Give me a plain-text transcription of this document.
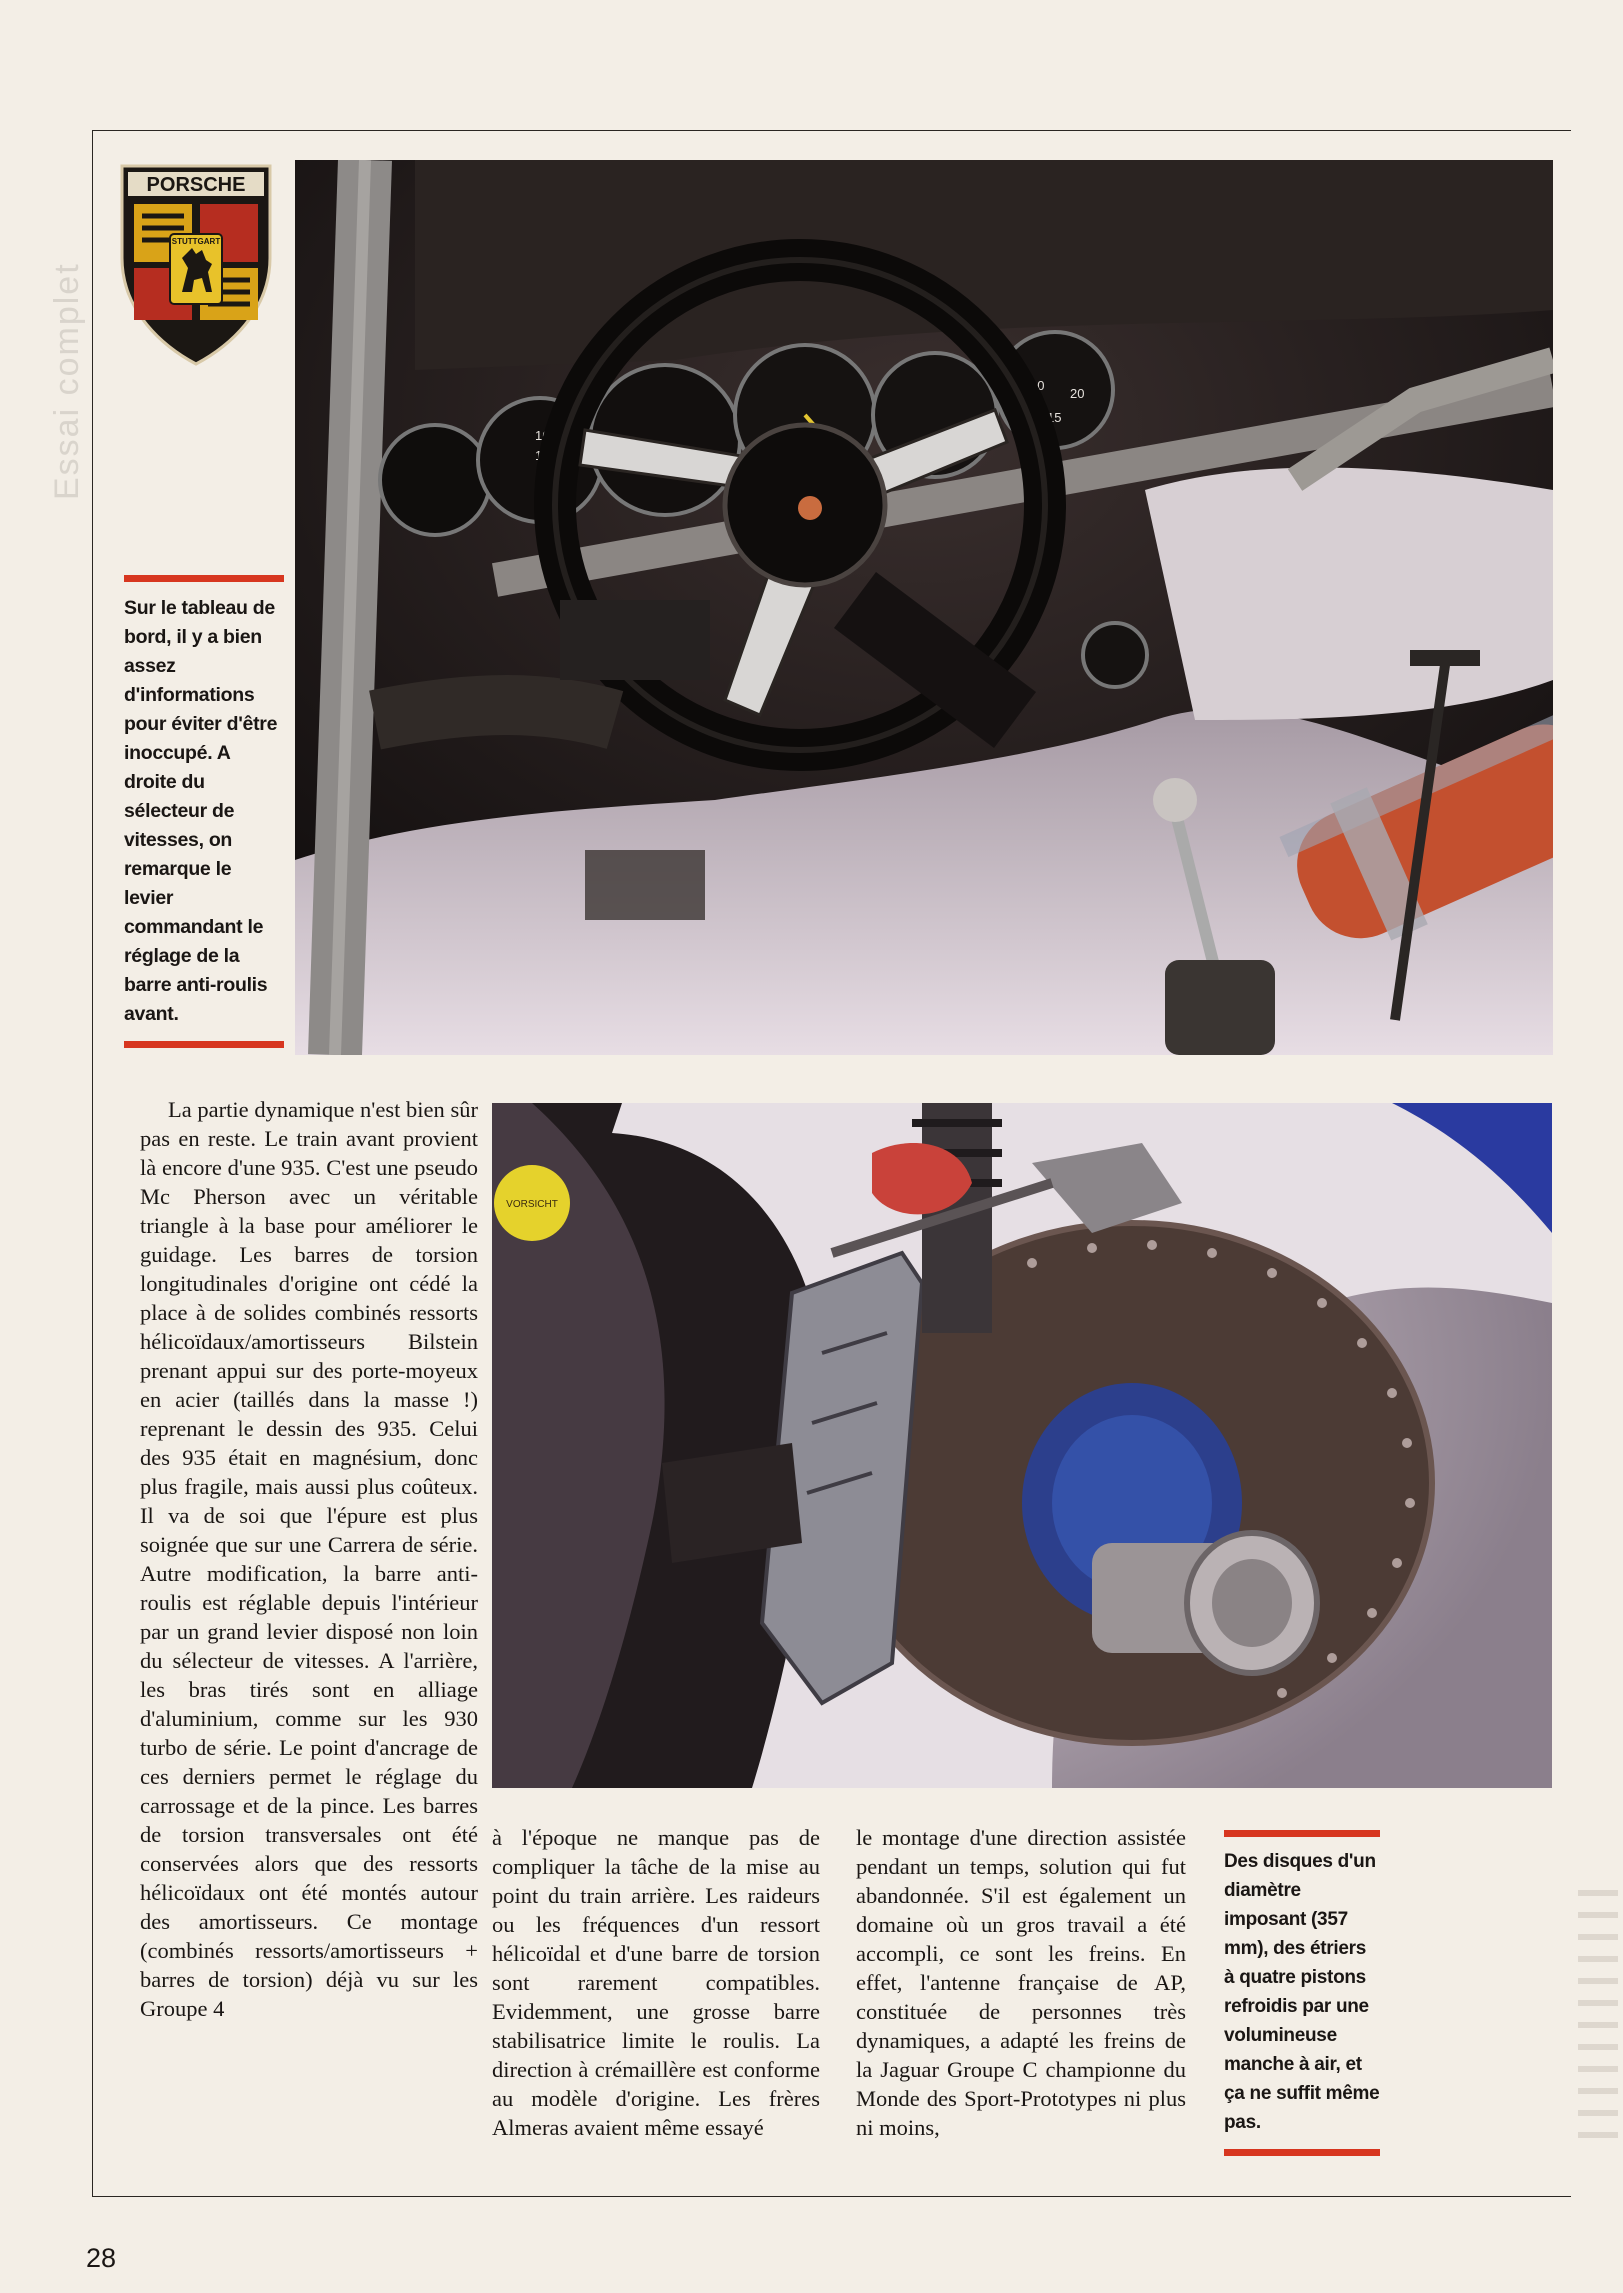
Essai complet
PORSCHE
STUTTGART
160
120
100
80
10
20
15

Sur le tableau de bord, il y a bien assez d'informations pour éviter d'être inoccupé. A droite du sélecteur de vitesses, on remarque le levier commandant le réglage de la barre anti-roulis avant.

VORSICHT

La partie dynamique n'est bien sûr pas en reste. Le train avant provient là encore d'une 935. C'est une pseudo Mc Pherson avec un véritable triangle à la base pour améliorer le guidage. Les barres de torsion longitudinales d'origine ont cédé la place à de solides combinés ressorts hélicoïdaux/amortisseurs Bilstein prenant appui sur des porte-moyeux en acier (taillés dans la masse !) reprenant le dessin des 935. Celui des 935 était en magnésium, donc plus fragile, mais aussi plus coûteux. Il va de soi que l'épure est plus soignée que sur une Carrera de série. Autre modification, la barre anti-roulis est réglable depuis l'intérieur par un grand levier disposé non loin du sélecteur de vitesses. A l'arrière, les bras tirés sont en alliage d'aluminium, comme sur les 930 turbo de série. Le point d'ancrage de ces derniers permet le réglage du carrossage et de la pince. Les barres de torsion transversales ont été conservées alors que des ressorts hélicoïdaux ont été montés autour des amortisseurs. Ce montage (combinés ressorts/amortisseurs + barres de torsion) déjà vu sur les Groupe 4

à l'époque ne manque pas de compliquer la tâche de la mise au point du train arrière. Les raideurs ou les fréquences d'un ressort hélicoïdal et d'une barre de torsion sont rarement compatibles. Evidemment, une grosse barre stabilisatrice limite le roulis. La direction à crémaillère est conforme au modèle d'origine. Les frères Almeras avaient même essayé

le montage d'une direction assistée pendant un temps, solution qui fut abandonnée. S'il est également un domaine où un gros travail a été accompli, ce sont les freins. En effet, l'antenne française de AP, constituée de personnes très dynamiques, a adapté les freins de la Jaguar Groupe C championne du Monde des Sport-Prototypes ni plus ni moins,

Des disques d'un diamètre imposant (357 mm), des étriers à quatre pistons refroidis par une volumineuse manche à air, et ça ne suffit même pas.

28
